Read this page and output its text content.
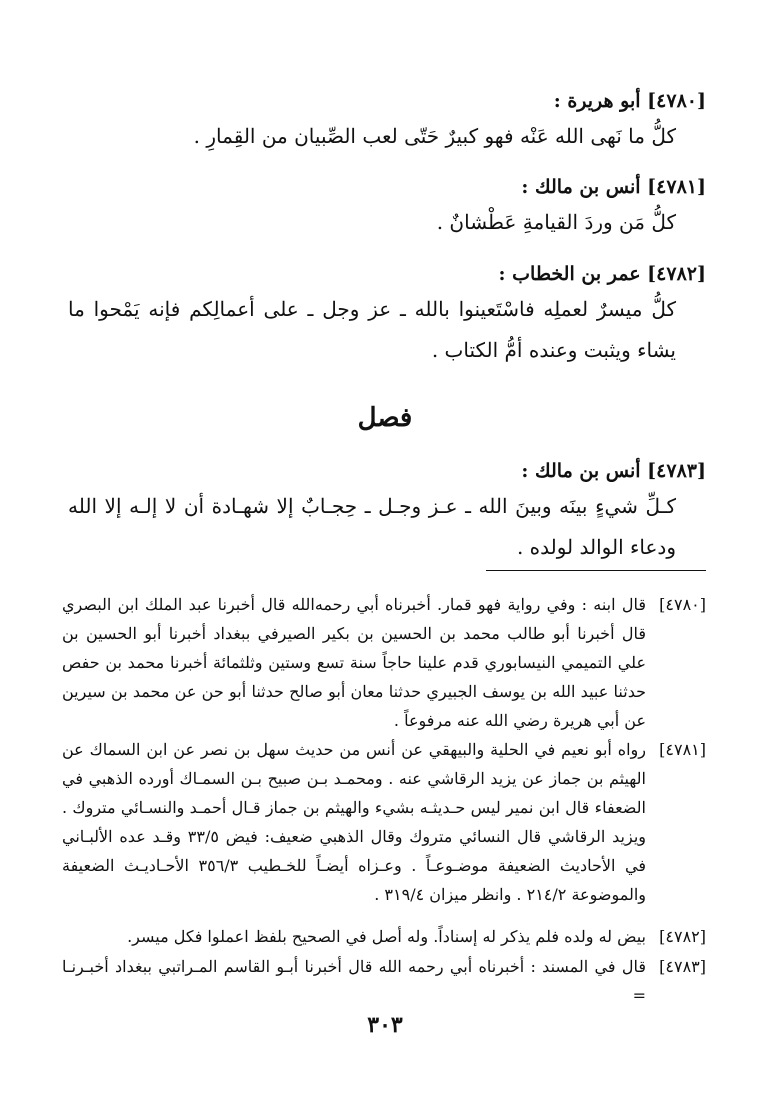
[٤٧٨٠] أبو هريرة :
كلُّ ما نَهى الله عَنْه فهو كبيرٌ حَتّى لعب الصِّبيان من القِمارِ .
[٤٧٨١] أنس بن مالك :
كلُّ مَن وردَ القيامةِ عَطْشانٌ .
[٤٧٨٢] عمر بن الخطاب :
كلُّ ميسرٌ لعملِه فاسْتَعينوا بالله ـ عز وجل ـ على أعمالِكم فإنه يَمْحوا ما يشاء ويثبت وعنده أمُّ الكتاب .
فصل
[٤٧٨٣] أنس بن مالك :
كـلِّ شيءٍ بينَه وبينَ الله ـ عـز وجـل ـ حِجـابٌ إلا شهـادة أن لا إلـه إلا الله ودعاء الوالد لولده .
[٤٧٨٠]
قال ابنه : وفي رواية فهو قمار. أخبرناه أبي رحمه‌الله قال أخبرنا عبد الملك ابن البصري قال أخبرنا أبو طالب محمد بن الحسين بن بكير الصيرفي ببغداد أخبرنا أبو الحسين بن علي التميمي النيسابوري قدم علينا حاجاً سنة تسع وستين وثلثمائة أخبرنا محمد بن حفص حدثنا عبيد الله بن يوسف الجبيري حدثنا معان أبو صالح حدثنا أبو حن عن محمد بن سيرين عن أبي هريرة رضي الله عنه مرفوعاً .
[٤٧٨١]
رواه أبو نعيم في الحلية والبيهقي عن أنس من حديث سهل بن نصر عن ابن السماك عن الهيثم بن جماز عن يزيد الرقاشي عنه . ومحمـد بـن صبيح بـن السمـاك أورده الذهبي في الضعفاء قال ابن نمير ليس حـديثـه بشيء والهيثم بن جماز قـال أحمـد والنسـائي متروك . ويزيد الرقاشي قال النسائي متروك وقال الذهبي ضعيف: فيض ٣٣/٥ وقـد عده الألبـاني في الأحاديث الضعيفة موضـوعـاً . وعـزاه أيضـاً للخـطيب ٣٥٦/٣ الأحـاديـث الضعيفة والموضوعة ٢١٤/٢ . وانظر ميزان ٣١٩/٤ .
[٤٧٨٢]
بيض له ولده فلم يذكر له إسناداً. وله أصل في الصحيح بلفظ اعملوا فكل ميسر.
[٤٧٨٣]
قال في المسند : أخبرناه أبي رحمه الله قال أخبرنا أبـو القاسم المـراتبي ببغداد أخبـرنـا =
٣٠٣
